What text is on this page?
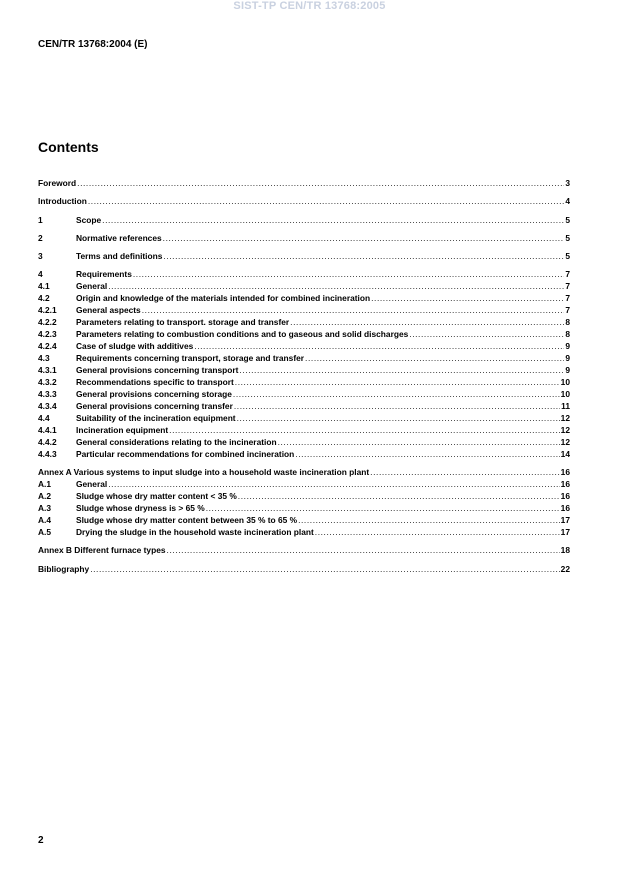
SIST-TP CEN/TR 13768:2005
CEN/TR 13768:2004 (E)
Contents
Foreword .....	3
Introduction .....	4
1	Scope .....	5
2	Normative references .....	5
3	Terms and definitions .....	5
4	Requirements .....	7
4.1	General .....	7
4.2	Origin and knowledge of the materials intended for combined incineration .....	7
4.2.1	General aspects .....	7
4.2.2	Parameters relating to transport. storage and transfer .....	8
4.2.3	Parameters relating to combustion conditions and to gaseous and solid discharges .....	8
4.2.4	Case of sludge with additives .....	9
4.3	Requirements concerning transport, storage and transfer .....	9
4.3.1	General provisions concerning transport .....	9
4.3.2	Recommendations specific to transport .....	10
4.3.3	General provisions concerning storage .....	10
4.3.4	General provisions concerning transfer .....	11
4.4	Suitability of the incineration equipment .....	12
4.4.1	Incineration equipment .....	12
4.4.2	General considerations relating to the incineration .....	12
4.4.3	Particular recommendations for combined incineration .....	14
Annex A Various systems to input sludge into a household waste incineration plant .....	16
A.1	General .....	16
A.2	Sludge whose dry matter content < 35 % .....	16
A.3	Sludge whose dryness is > 65 % .....	16
A.4	Sludge whose dry matter content between 35 % to 65 % .....	17
A.5	Drying the sludge in the household waste incineration plant .....	17
Annex B Different furnace types .....	18
Bibliography .....	22
2
